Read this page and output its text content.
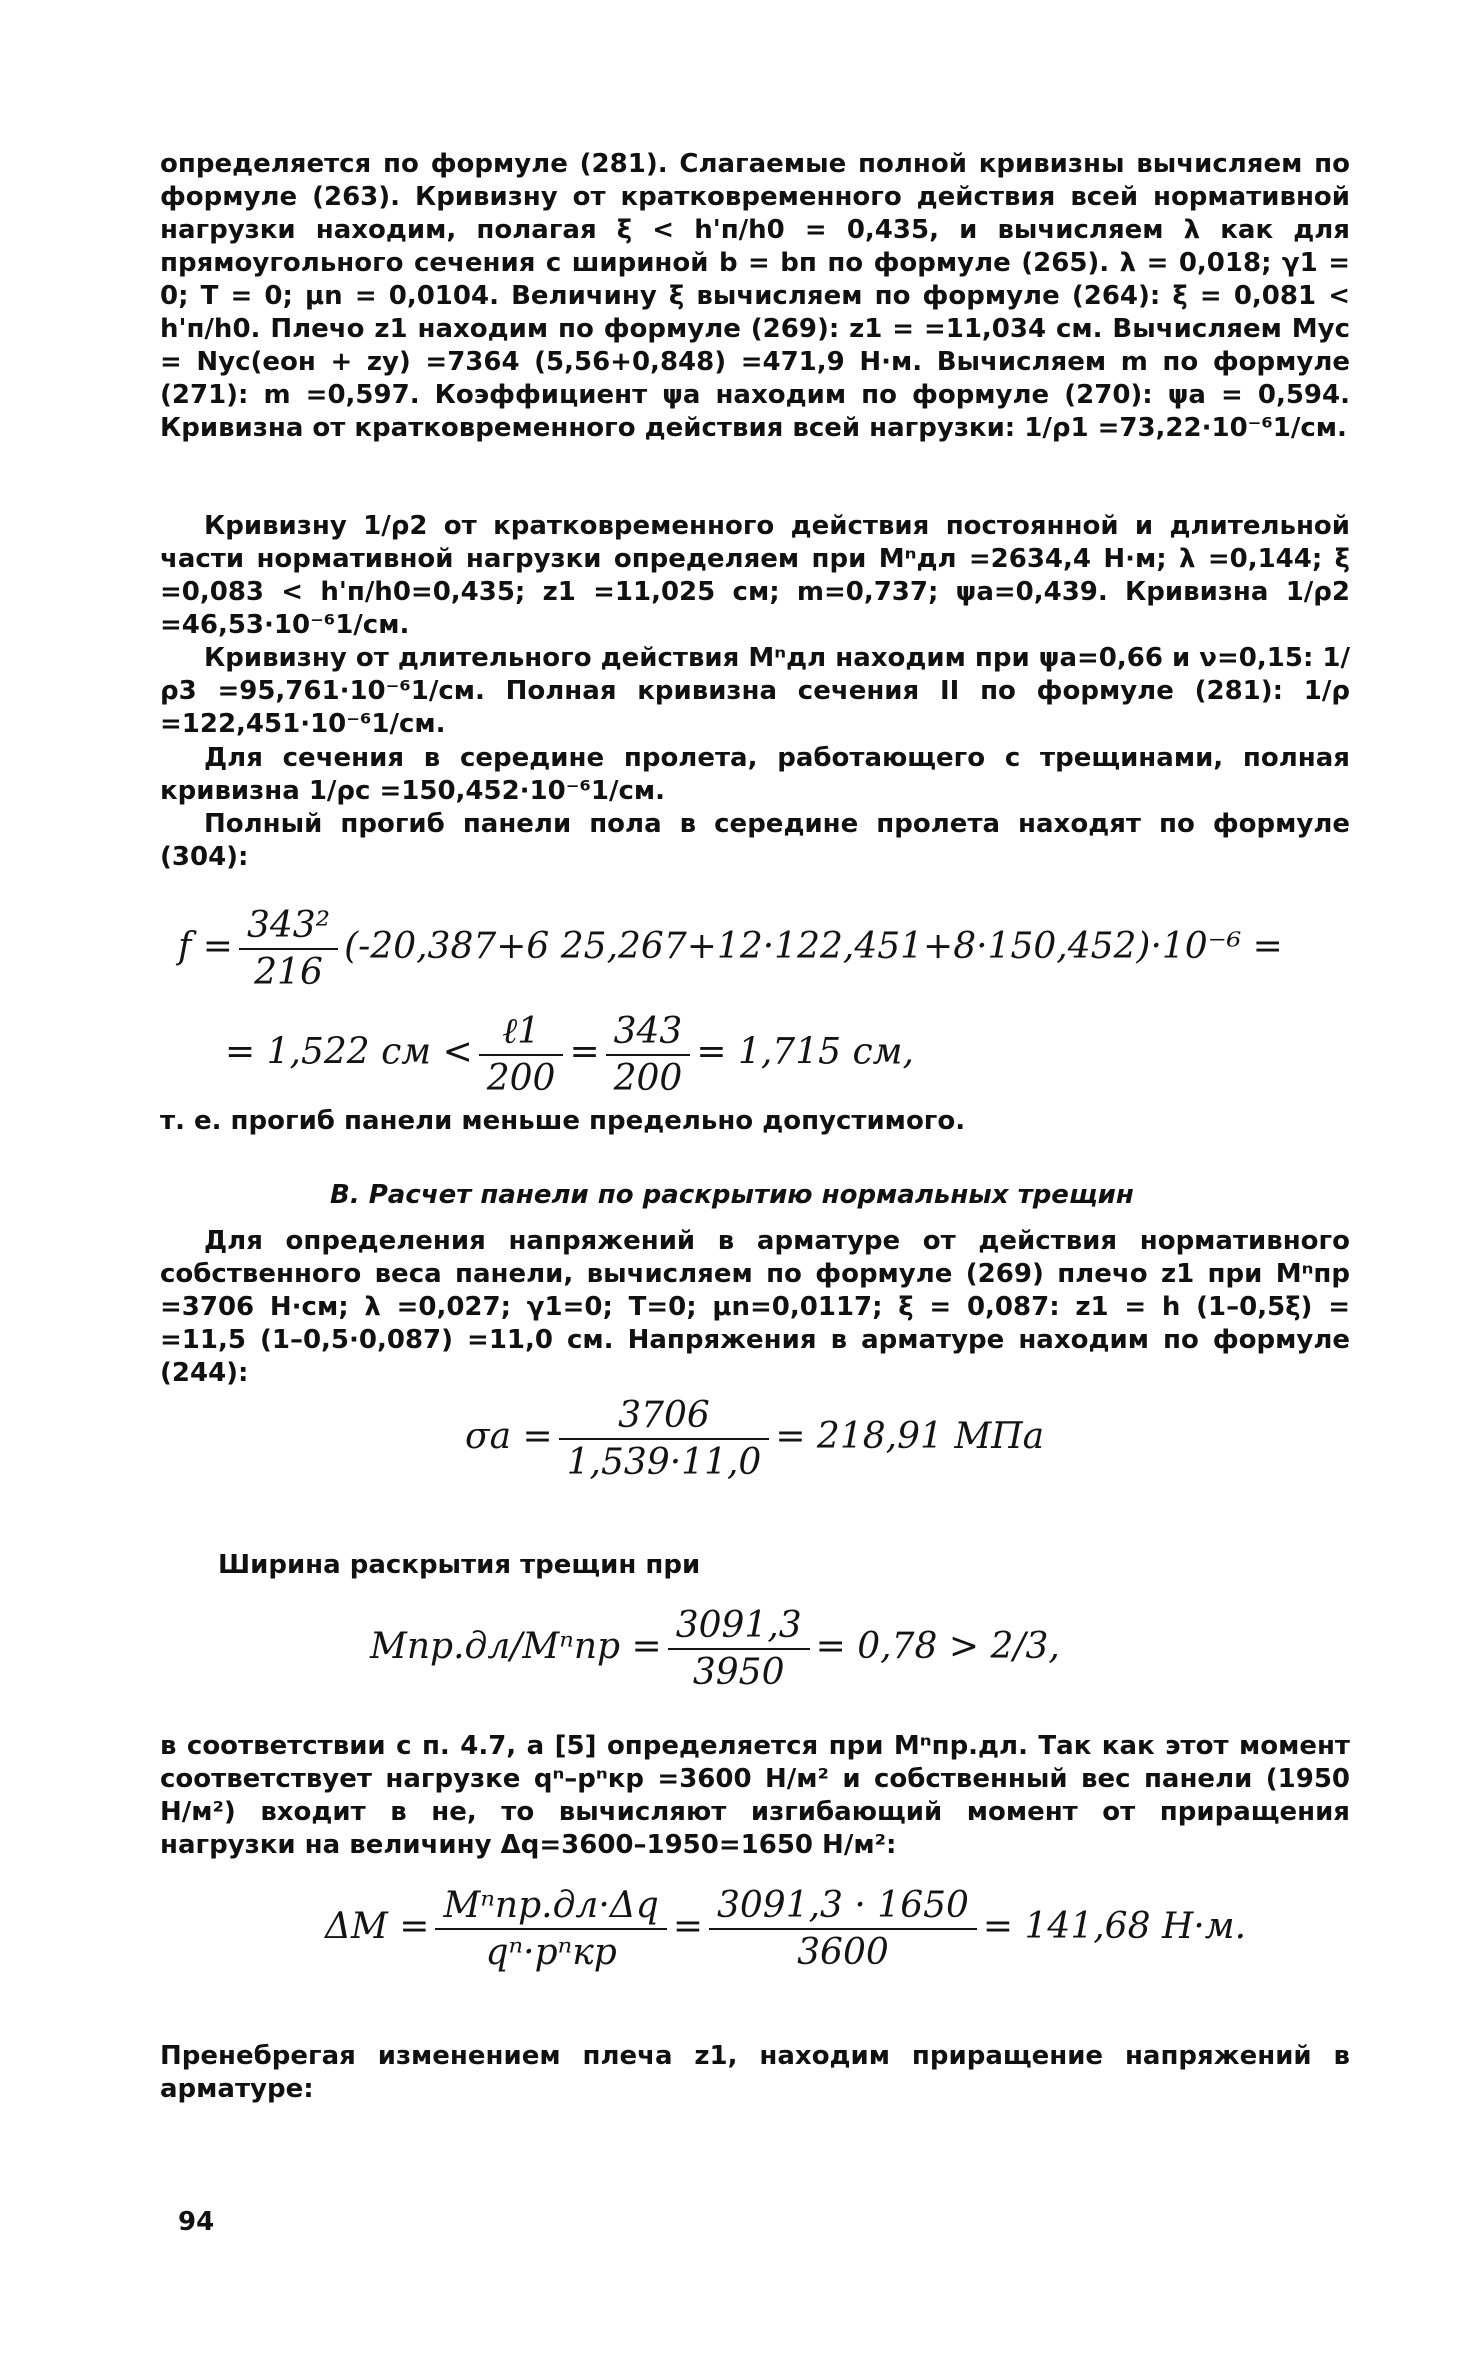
определяется по формуле (281). Слагаемые полной кривизны вычисляем по формуле (263). Кривизну от кратковременного действия всей нормативной нагрузки находим, полагая ξ < h'п/h0 = 0,435, и вычисляем λ как для прямоугольного сечения с шириной b = bп по формуле (265). λ = 0,018; γ1 = 0; T = 0; μn = 0,0104. Величину ξ вычисляем по формуле (264): ξ = 0,081 < h'п/h0. Плечо z1 находим по формуле (269): z1 = =11,034 см. Вычисляем Mус = Nус(eон + zу) =7364 (5,56+0,848) =471,9 Н·м. Вычисляем m по формуле (271): m =0,597. Коэффициент ψа находим по формуле (270): ψа = 0,594. Кривизна от кратковременного действия всей нагрузки: 1/ρ1 =73,22·10⁻⁶1/см.

Кривизну 1/ρ2 от кратковременного действия постоянной и длительной части нормативной нагрузки определяем при Mⁿдл =2634,4 Н·м; λ =0,144; ξ =0,083 < h'п/h0=0,435; z1 =11,025 см; m=0,737; ψа=0,439. Кривизна 1/ρ2 =46,53·10⁻⁶1/см.

Кривизну от длительного действия Mⁿдл находим при ψа=0,66 и ν=0,15: 1/ρ3 =95,761·10⁻⁶1/см. Полная кривизна сечения II по формуле (281): 1/ρ =122,451·10⁻⁶1/см.

Для сечения в середине пролета, работающего с трещинами, полная кривизна 1/ρc =150,452·10⁻⁶1/см.

Полный прогиб панели пола в середине пролета находят по формуле (304):

$f = \frac{\text{343²}}{216} (-20,387+6$ 25,267+12·122,451+8·150,452)·10⁻⁶ =
= 1,522 см < $\frac{\text{ℓ1}}{200} = \frac{343}{200} = 1,715$ см,
т. е. прогиб панели меньше предельно допустимого.
В. Расчет панели по раскрытию нормальных трещин

Для определения напряжений в арматуре от действия нормативного собственного веса панели, вычисляем по формуле (269) плечо z1 при Mⁿпр =3706 Н·см; λ =0,027; γ1=0; T=0; μn=0,0117; ξ = 0,087: z1 = h (1–0,5ξ) = =11,5 (1–0,5·0,087) =11,0 см. Напряжения в арматуре находим по формуле (244):

$\sigma a = \frac{3706}{1,539\cdot 11,0} = 218,91$ МПа
Ширина раскрытия трещин при
$Mпр.дл/M^nпр = \frac{3091,3}{3950} = 0,78 > 2/3$,

в соответствии с п. 4.7, а [5] определяется при Mⁿпр.дл. Так как этот момент соответствует нагрузке qⁿ–pⁿкр =3600 Н/м² и собственный вес панели (1950 Н/м²) входит в не, то вычисляют изгибающий момент от приращения нагрузки на величину Δq=3600–1950=1650 Н/м²:

$\Delta M = \frac{\text{Mⁿпр.дл·Δq}}{\text{qⁿ·pⁿкр}} = \frac{3091,3 \cdot 1650}{3600} = 141,68$ Н·м.

Пренебрегая изменением плеча z1, находим приращение напряжений в арматуре:

94
